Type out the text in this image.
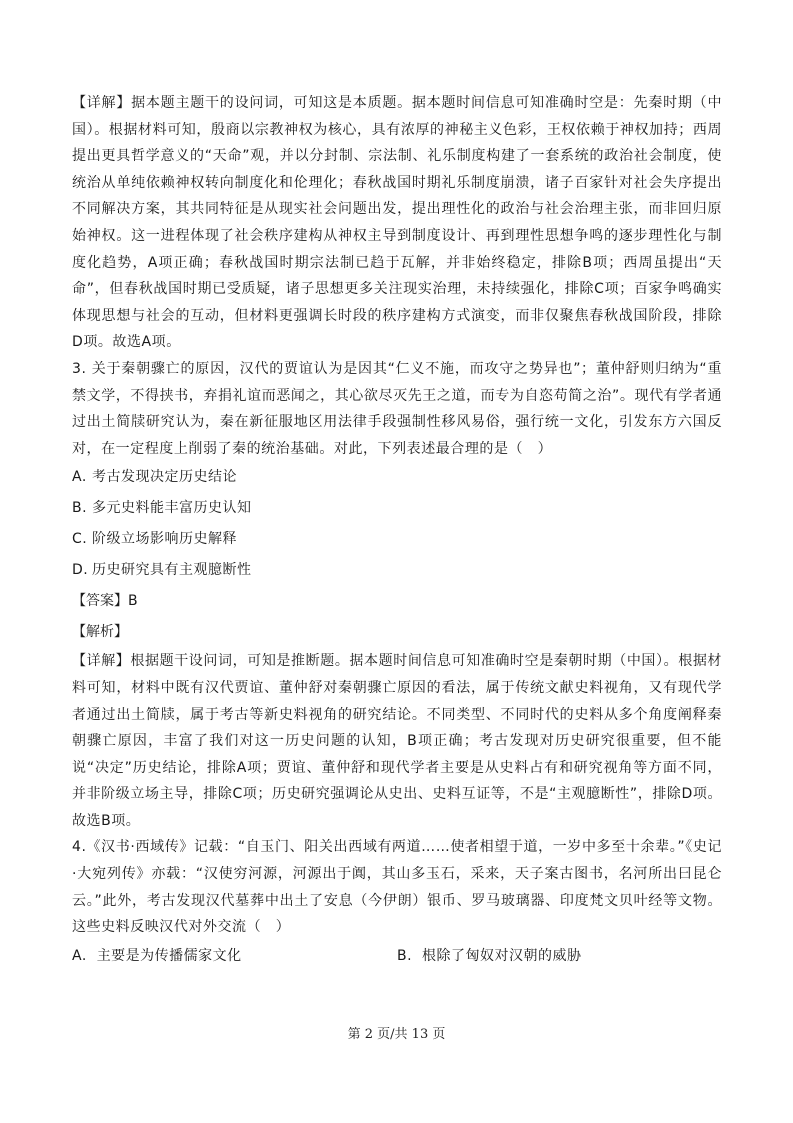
【详解】据本题主题干的设问词，可知这是本质题。据本题时间信息可知准确时空是：先秦时期（中国）。根据材料可知，殷商以宗教神权为核心，具有浓厚的神秘主义色彩，王权依赖于神权加持；西周提出更具哲学意义的“天命”观，并以分封制、宗法制、礼乐制度构建了一套系统的政治社会制度，使统治从单纯依赖神权转向制度化和伦理化；春秋战国时期礼乐制度崩溃，诸子百家针对社会失序提出不同解决方案，其共同特征是从现实社会问题出发，提出理性化的政治与社会治理主张，而非回归原始神权。这一进程体现了社会秩序建构从神权主导到制度设计、再到理性思想争鸣的逐步理性化与制度化趋势，A项正确；春秋战国时期宗法制已趋于瓦解，并非始终稳定，排除B项；西周虽提出“天命”，但春秋战国时期已受质疑，诸子思想更多关注现实治理，未持续强化，排除C项；百家争鸣确实体现思想与社会的互动，但材料更强调长时段的秩序建构方式演变，而非仅聚焦春秋战国阶段，排除D项。故选A项。

3. 关于秦朝骤亡的原因，汉代的贾谊认为是因其“仁义不施，而攻守之势异也”；董仲舒则归纳为“重禁文学，不得挟书，弃捐礼谊而恶闻之，其心欲尽灭先王之道，而专为自恣苟简之治”。现代有学者通过出土简牍研究认为，秦在新征服地区用法律手段强制性移风易俗，强行统一文化，引发东方六国反对，在一定程度上削弱了秦的统治基础。对此，下列表述最合理的是（　）

A. 考古发现决定历史结论

B. 多元史料能丰富历史认知

C. 阶级立场影响历史解释

D. 历史研究具有主观臆断性

【答案】B

【解析】

【详解】根据题干设问词，可知是推断题。据本题时间信息可知准确时空是秦朝时期（中国）。根据材料可知，材料中既有汉代贾谊、董仲舒对秦朝骤亡原因的看法，属于传统文献史料视角，又有现代学者通过出土简牍，属于考古等新史料视角的研究结论。不同类型、不同时代的史料从多个角度阐释秦朝骤亡原因，丰富了我们对这一历史问题的认知，B项正确；考古发现对历史研究很重要，但不能说“决定”历史结论，排除A项；贾谊、董仲舒和现代学者主要是从史料占有和研究视角等方面不同，并非阶级立场主导，排除C项；历史研究强调论从史出、史料互证等，不是“主观臆断性”，排除D项。故选B项。

4.《汉书·西域传》记载：“自玉门、阳关出西域有两道……使者相望于道，一岁中多至十余辈。”《史记·大宛列传》亦载：“汉使穷河源，河源出于阗，其山多玉石，采来，天子案古图书，名河所出曰昆仑云。”此外，考古发现汉代墓葬中出土了安息（今伊朗）银币、罗马玻璃器、印度梵文贝叶经等文物。这些史料反映汉代对外交流（　）

A. 主要是为传播儒家文化	B. 根除了匈奴对汉朝的威胁
第 2 页/共 13 页
